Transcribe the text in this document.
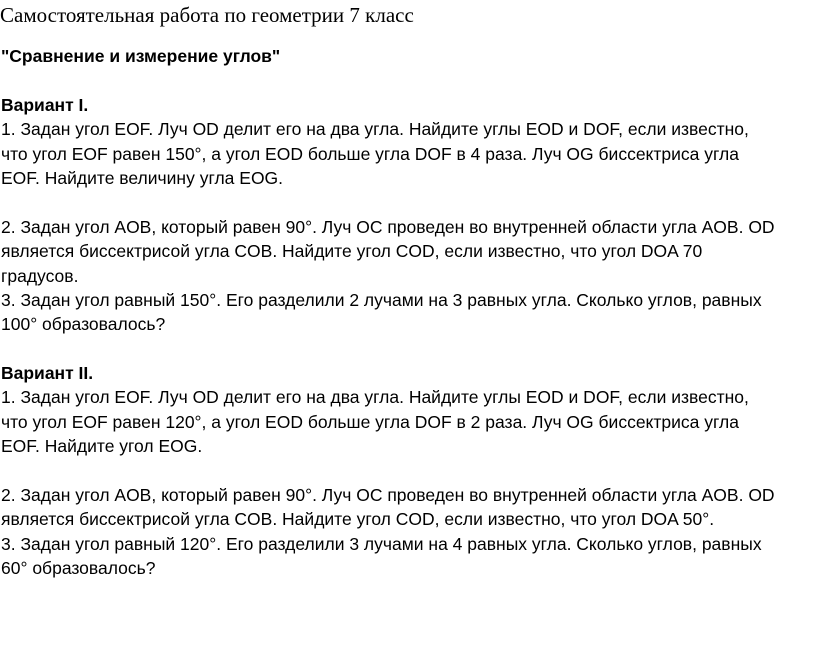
Самостоятельная работа по геометрии 7 класс
"Сравнение и измерение углов"
Вариант I.
1. Задан угол EOF. Луч OD делит его на два угла. Найдите углы EOD и DOF, если известно,
что угол EOF равен 150°, а угол EOD больше угла DOF в 4 раза. Луч OG биссектриса угла
EOF. Найдите величину угла EOG.
2. Задан угол AOB, который равен 90°. Луч OC проведен во внутренней области угла AOB. OD
является биссектрисой угла COB. Найдите угол COD, если известно, что угол DOA 70
градусов.
3. Задан угол равный 150°. Его разделили 2 лучами на 3 равных угла. Сколько углов, равных
100° образовалось?
Вариант II.
1. Задан угол EOF. Луч OD делит его на два угла. Найдите углы EOD и DOF, если известно,
что угол EOF равен 120°, а угол EOD больше угла DOF в 2 раза. Луч OG биссектриса угла
EOF. Найдите угол EOG.
2. Задан угол AOB, который равен 90°. Луч OC проведен во внутренней области угла AOB. OD
является биссектрисой угла COB. Найдите угол COD, если известно, что угол DOA 50°.
3. Задан угол равный 120°. Его разделили 3 лучами на 4 равных угла. Сколько углов, равных
60° образовалось?
